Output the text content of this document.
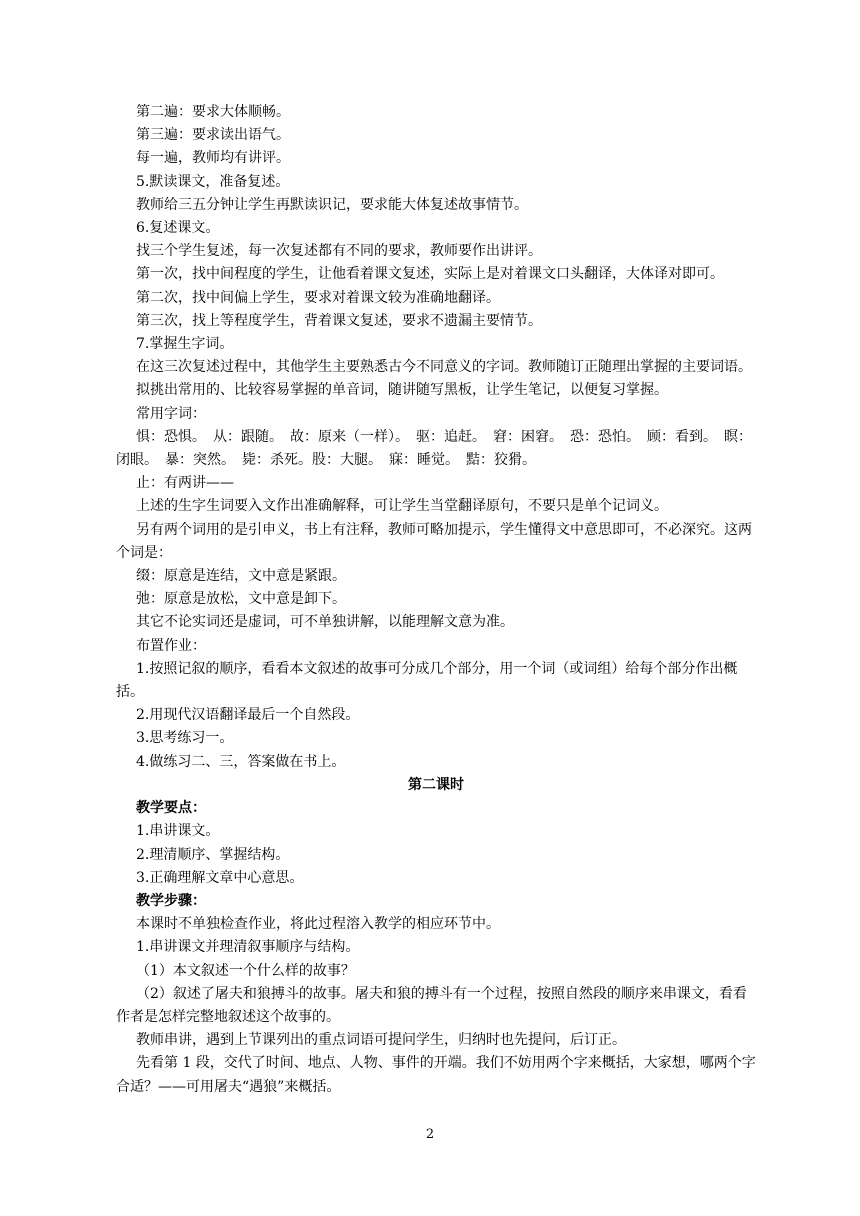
第二遍：要求大体顺畅。

第三遍：要求读出语气。

每一遍，教师均有讲评。

5.默读课文，准备复述。

教师给三五分钟让学生再默读识记，要求能大体复述故事情节。

6.复述课文。

找三个学生复述，每一次复述都有不同的要求，教师要作出讲评。

第一次，找中间程度的学生，让他看着课文复述，实际上是对着课文口头翻译，大体译对即可。

第二次，找中间偏上学生，要求对着课文较为准确地翻译。

第三次，找上等程度学生，背着课文复述，要求不遗漏主要情节。

7.掌握生字词。

在这三次复述过程中，其他学生主要熟悉古今不同意义的字词。教师随订正随理出掌握的主要词语。

拟挑出常用的、比较容易掌握的单音词，随讲随写黑板，让学生笔记，以便复习掌握。

常用字词：

惧：恐惧。　从：跟随。　故：原来（一样）。　驱：追赶。　窘：困窘。　恐：恐怕。　顾：看到。　瞑：闭眼。　暴：突然。　毙：杀死。股：大腿。　寐：睡觉。　黠：狡猾。

止：有两讲——

上述的生字生词要入文作出准确解释，可让学生当堂翻译原句，不要只是单个记词义。

另有两个词用的是引申义，书上有注释，教师可略加提示，学生懂得文中意思即可，不必深究。这两个词是：

缀：原意是连结，文中意是紧跟。

弛：原意是放松，文中意是卸下。

其它不论实词还是虚词，可不单独讲解，以能理解文意为准。

布置作业：

1.按照记叙的顺序，看看本文叙述的故事可分成几个部分，用一个词（或词组）给每个部分作出概括。

2.用现代汉语翻译最后一个自然段。

3.思考练习一。

4.做练习二、三，答案做在书上。

第二课时

教学要点：

1.串讲课文。

2.理清顺序、掌握结构。

3.正确理解文章中心意思。

教学步骤：

本课时不单独检查作业，将此过程溶入教学的相应环节中。

1.串讲课文并理清叙事顺序与结构。

（1）本文叙述一个什么样的故事？

（2）叙述了屠夫和狼搏斗的故事。屠夫和狼的搏斗有一个过程，按照自然段的顺序来串课文，看看作者是怎样完整地叙述这个故事的。

教师串讲，遇到上节课列出的重点词语可提问学生，归纳时也先提问，后订正。

先看第 1 段，交代了时间、地点、人物、事件的开端。我们不妨用两个字来概括，大家想，哪两个字合适？——可用屠夫“遇狼”来概括。

2
